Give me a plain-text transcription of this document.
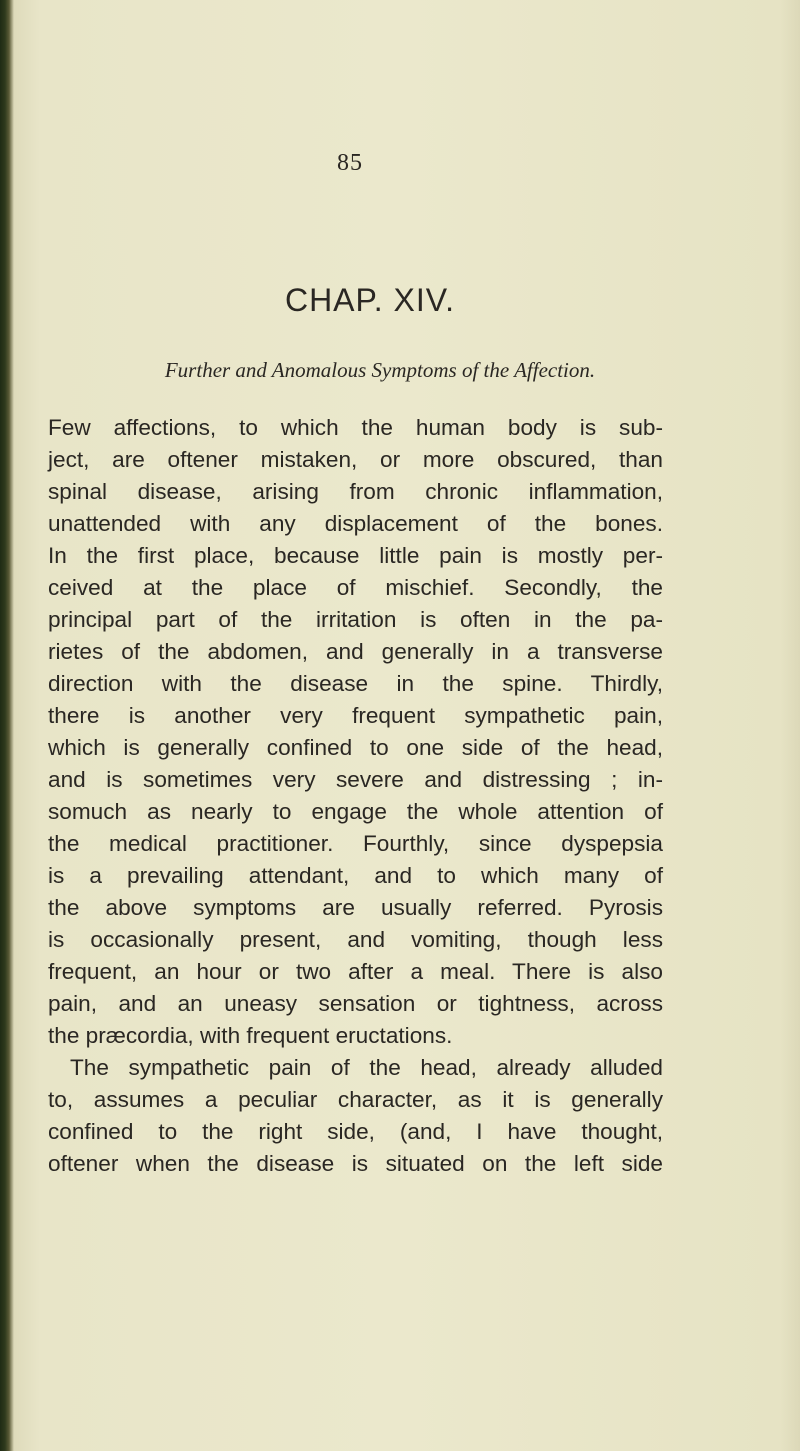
85
CHAP. XIV.
Further and Anomalous Symptoms of the Affection.
Few affections, to which the human body is sub-
ject, are oftener mistaken, or more obscured, than
spinal disease, arising from chronic inflammation,
unattended with any displacement of the bones.
In the first place, because little pain is mostly per-
ceived at the place of mischief. Secondly, the
principal part of the irritation is often in the pa-
rietes of the abdomen, and generally in a transverse
direction with the disease in the spine. Thirdly,
there is another very frequent sympathetic pain,
which is generally confined to one side of the head,
and is sometimes very severe and distressing ; in-
somuch as nearly to engage the whole attention of
the medical practitioner. Fourthly, since dyspepsia
is a prevailing attendant, and to which many of
the above symptoms are usually referred. Pyrosis
is occasionally present, and vomiting, though less
frequent, an hour or two after a meal. There is also
pain, and an uneasy sensation or tightness, across
the præcordia, with frequent eructations.
The sympathetic pain of the head, already alluded
to, assumes a peculiar character, as it is generally
confined to the right side, (and, I have thought,
oftener when the disease is situated on the left side
